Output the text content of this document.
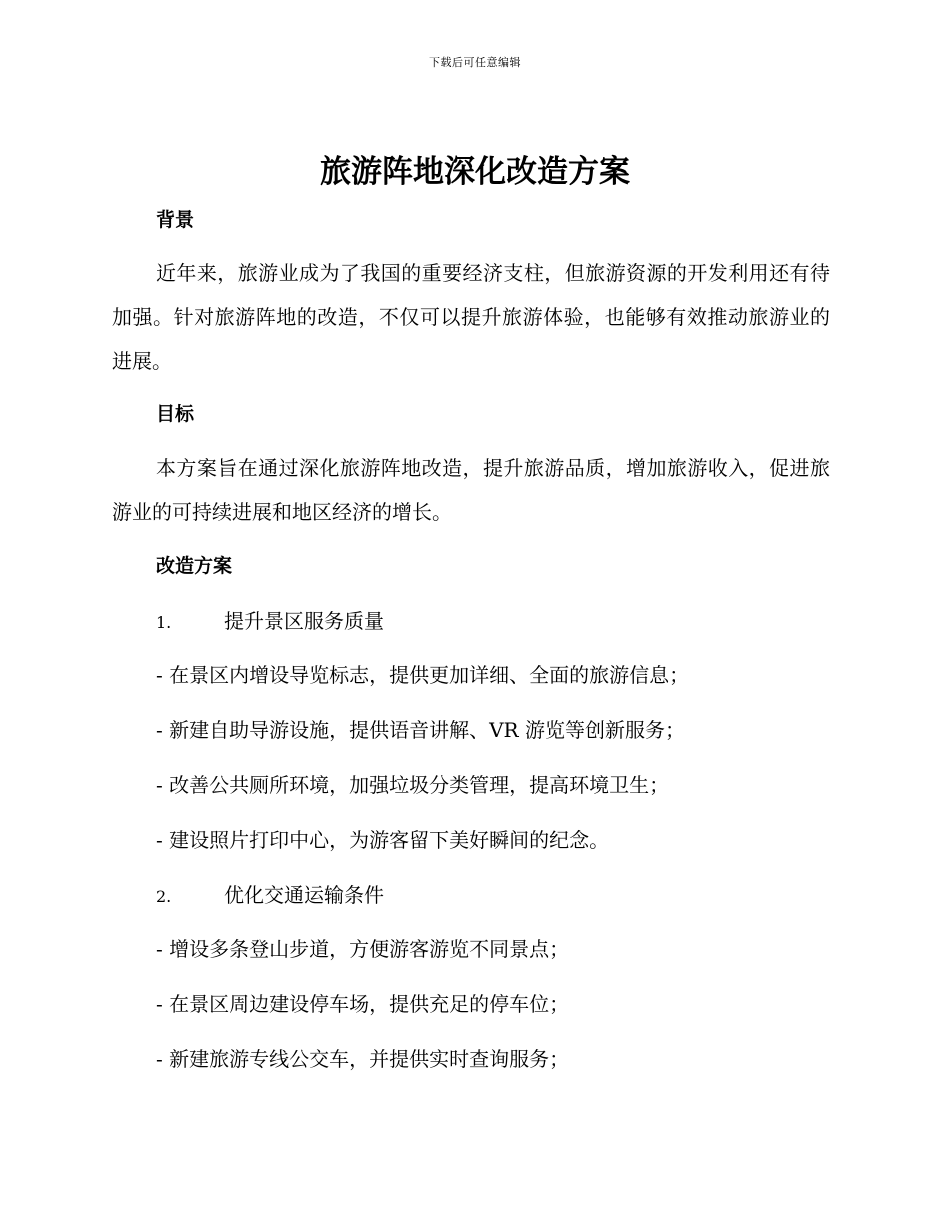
下载后可任意编辑
旅游阵地深化改造方案
背景

近年来，旅游业成为了我国的重要经济支柱，但旅游资源的开发利用还有待加强。针对旅游阵地的改造，不仅可以提升旅游体验，也能够有效推动旅游业的进展。

目标

本方案旨在通过深化旅游阵地改造，提升旅游品质，增加旅游收入，促进旅游业的可持续进展和地区经济的增长。

改造方案
1.	提升景区服务质量

- 在景区内增设导览标志，提供更加详细、全面的旅游信息；

- 新建自助导游设施，提供语音讲解、VR 游览等创新服务；

- 改善公共厕所环境，加强垃圾分类管理，提高环境卫生；

- 建设照片打印中心，为游客留下美好瞬间的纪念。

2.	优化交通运输条件

- 增设多条登山步道，方便游客游览不同景点；

- 在景区周边建设停车场，提供充足的停车位；

- 新建旅游专线公交车，并提供实时查询服务；
